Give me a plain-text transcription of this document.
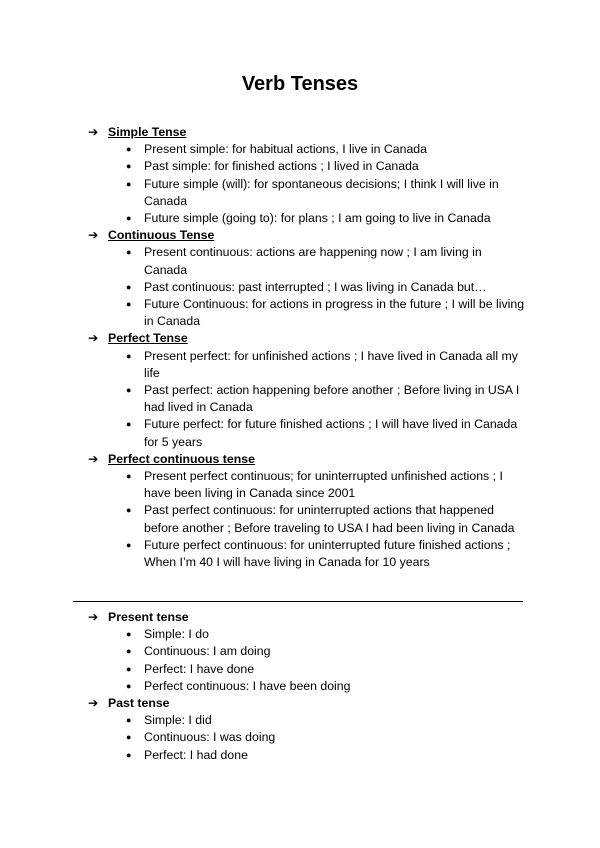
Verb Tenses
➔ Simple Tense
●	Present simple: for habitual actions, I live in Canada
●	Past simple: for finished actions ; I lived in Canada
●	Future simple (will): for spontaneous decisions; I think I will live in Canada
●	Future simple (going to): for plans ; I am going to live in Canada
➔ Continuous Tense
●	Present continuous: actions are happening now ; I am living in Canada
●	Past continuous: past interrupted ; I was living in Canada but…
●	Future Continuous: for actions in progress in the future ; I will be living in Canada
➔ Perfect Tense
●	Present perfect: for unfinished actions ; I have lived in Canada all my life
●	Past perfect: action happening before another ; Before living in USA I had lived in Canada
●	Future perfect: for future finished actions ; I will have lived in Canada for 5 years
➔ Perfect continuous tense
●	Present perfect continuous; for uninterrupted unfinished actions ; I have been living in Canada since 2001
●	Past perfect continuous: for uninterrupted actions that happened before another ; Before traveling to USA I had been living in Canada
●	Future perfect continuous: for uninterrupted future finished actions ; When I’m 40 I will have living in Canada for 10 years
➔ Present tense
●	Simple: I do
●	Continuous: I am doing
●	Perfect: I have done
●	Perfect continuous: I have been doing
➔ Past tense
●	Simple: I did
●	Continuous: I was doing
●	Perfect: I had done
